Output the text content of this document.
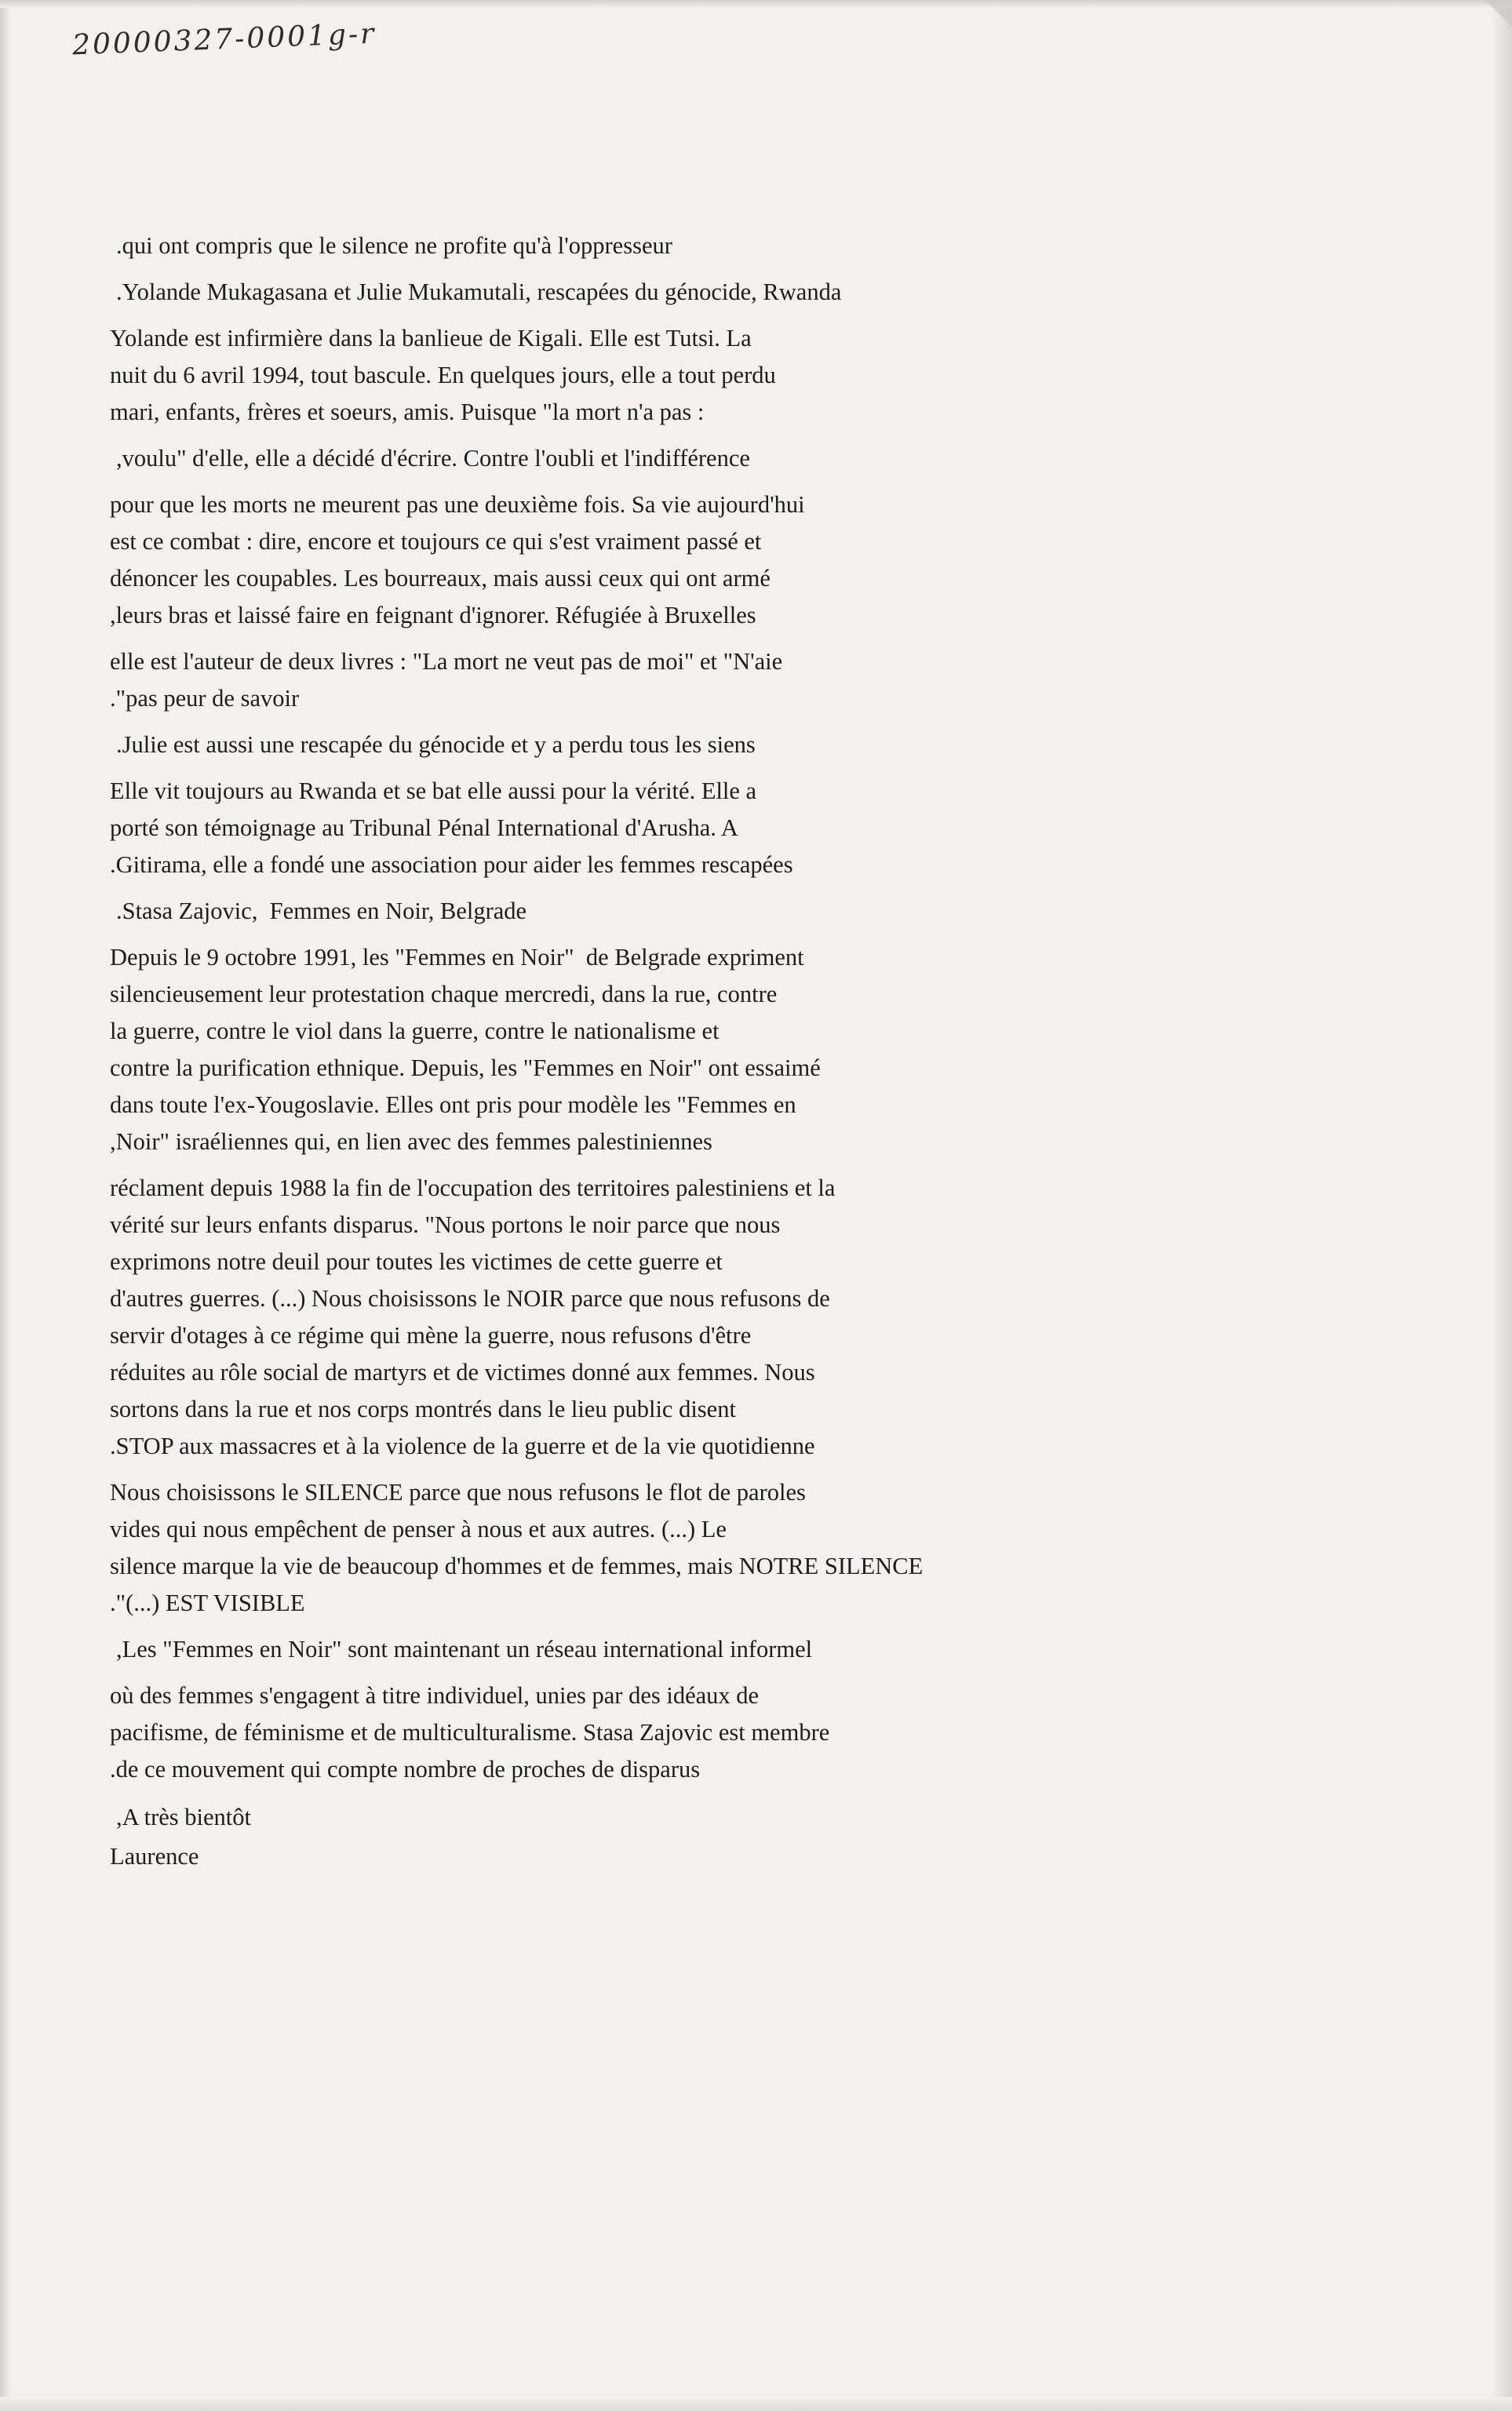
20000327-0001g-r
.qui ont compris que le silence ne profite qu'à l'oppresseur
.Yolande Mukagasana et Julie Mukamutali, rescapées du génocide, Rwanda
Yolande est infirmière dans la banlieue de Kigali. Elle est Tutsi. La
nuit du 6 avril 1994, tout bascule. En quelques jours, elle a tout perdu
mari, enfants, frères et soeurs, amis. Puisque "la mort n'a pas :
,voulu" d'elle, elle a décidé d'écrire. Contre l'oubli et l'indifférence
pour que les morts ne meurent pas une deuxième fois. Sa vie aujourd'hui
est ce combat : dire, encore et toujours ce qui s'est vraiment passé et
dénoncer les coupables. Les bourreaux, mais aussi ceux qui ont armé
,leurs bras et laissé faire en feignant d'ignorer. Réfugiée à Bruxelles
elle est l'auteur de deux livres : "La mort ne veut pas de moi" et "N'aie
."pas peur de savoir
.Julie est aussi une rescapée du génocide et y a perdu tous les siens
Elle vit toujours au Rwanda et se bat elle aussi pour la vérité. Elle a
porté son témoignage au Tribunal Pénal International d'Arusha. A
.Gitirama, elle a fondé une association pour aider les femmes rescapées
.Stasa Zajovic,  Femmes en Noir, Belgrade
Depuis le 9 octobre 1991, les "Femmes en Noir"  de Belgrade expriment
silencieusement leur protestation chaque mercredi, dans la rue, contre
la guerre, contre le viol dans la guerre, contre le nationalisme et
contre la purification ethnique. Depuis, les "Femmes en Noir" ont essaimé
dans toute l'ex-Yougoslavie. Elles ont pris pour modèle les "Femmes en
,Noir" israéliennes qui, en lien avec des femmes palestiniennes
réclament depuis 1988 la fin de l'occupation des territoires palestiniens et la
vérité sur leurs enfants disparus. "Nous portons le noir parce que nous
exprimons notre deuil pour toutes les victimes de cette guerre et
d'autres guerres. (...) Nous choisissons le NOIR parce que nous refusons de
servir d'otages à ce régime qui mène la guerre, nous refusons d'être
réduites au rôle social de martyrs et de victimes donné aux femmes. Nous
sortons dans la rue et nos corps montrés dans le lieu public disent
.STOP aux massacres et à la violence de la guerre et de la vie quotidienne
Nous choisissons le SILENCE parce que nous refusons le flot de paroles
vides qui nous empêchent de penser à nous et aux autres. (...) Le
silence marque la vie de beaucoup d'hommes et de femmes, mais NOTRE SILENCE
."(...) EST VISIBLE
,Les "Femmes en Noir" sont maintenant un réseau international informel
où des femmes s'engagent à titre individuel, unies par des idéaux de
pacifisme, de féminisme et de multiculturalisme. Stasa Zajovic est membre
.de ce mouvement qui compte nombre de proches de disparus
,A très bientôt
Laurence
